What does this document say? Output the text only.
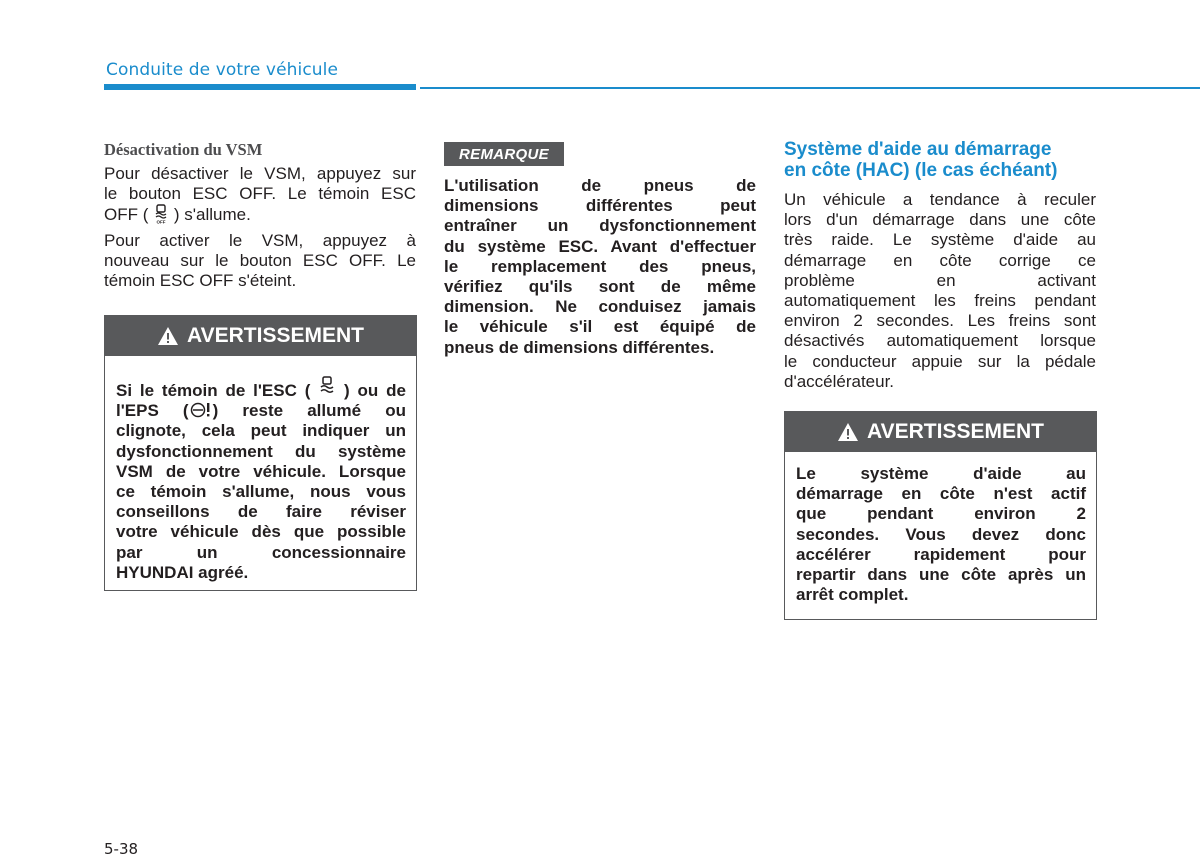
Conduite de votre véhicule
Désactivation du VSM
Pour désactiver le VSM, appuyez sur
le bouton ESC OFF. Le témoin ESC
OFF ( OFF ) s'allume.
Pour activer le VSM, appuyez à
nouveau sur le bouton ESC OFF. Le
témoin ESC OFF s'éteint.
AVERTISSEMENT
Si le témoin de l'ESC ( ) ou de
l'EPS ( ) reste allumé ou
clignote, cela peut indiquer un
dysfonctionnement du système
VSM de votre véhicule. Lorsque
ce témoin s'allume, nous vous
conseillons de faire réviser
votre véhicule dès que possible
par un concessionnaire
HYUNDAI agréé.
REMARQUE
L'utilisation de pneus de
dimensions différentes peut
entraîner un dysfonctionnement
du système ESC. Avant d'effectuer
le remplacement des pneus,
vérifiez qu'ils sont de même
dimension. Ne conduisez jamais
le véhicule s'il est équipé de
pneus de dimensions différentes.
Système d'aide au démarrage
en côte (HAC) (le cas échéant)
Un véhicule a tendance à reculer
lors d'un démarrage dans une côte
très raide. Le système d'aide au
démarrage en côte corrige ce
problème en activant
automatiquement les freins pendant
environ 2 secondes. Les freins sont
désactivés automatiquement lorsque
le conducteur appuie sur la pédale
d'accélérateur.
AVERTISSEMENT
Le système d'aide au
démarrage en côte n'est actif
que pendant environ 2
secondes. Vous devez donc
accélérer rapidement pour
repartir dans une côte après un
arrêt complet.
5-38
